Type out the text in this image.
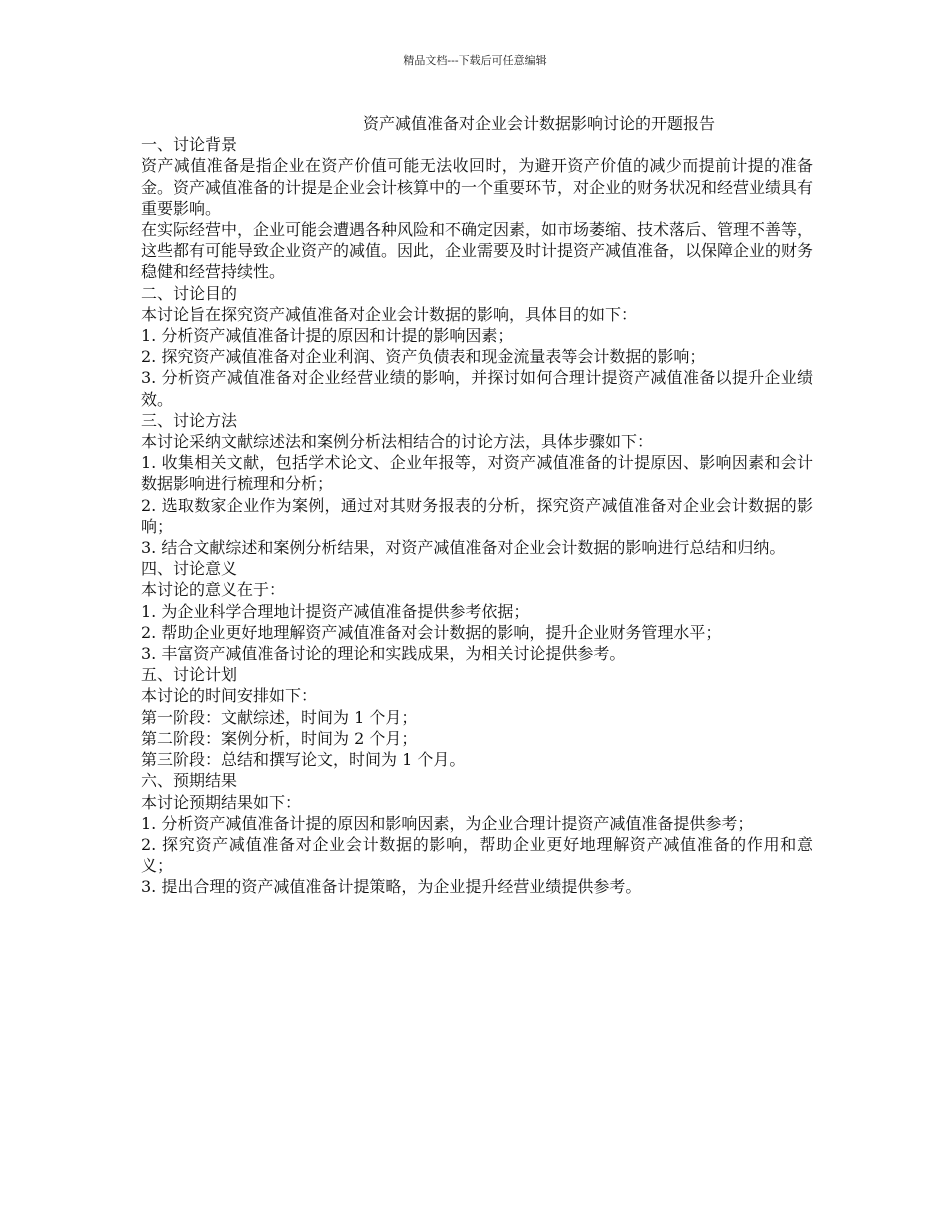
精品文档---下载后可任意编辑

资产减值准备对企业会计数据影响讨论的开题报告

一、讨论背景

资产减值准备是指企业在资产价值可能无法收回时，为避开资产价值的减少而提前计提的准备金。资产减值准备的计提是企业会计核算中的一个重要环节，对企业的财务状况和经营业绩具有重要影响。

在实际经营中，企业可能会遭遇各种风险和不确定因素，如市场萎缩、技术落后、管理不善等，这些都有可能导致企业资产的减值。因此，企业需要及时计提资产减值准备，以保障企业的财务稳健和经营持续性。

二、讨论目的

本讨论旨在探究资产减值准备对企业会计数据的影响，具体目的如下：

1. 分析资产减值准备计提的原因和计提的影响因素；

2. 探究资产减值准备对企业利润、资产负债表和现金流量表等会计数据的影响；

3. 分析资产减值准备对企业经营业绩的影响，并探讨如何合理计提资产减值准备以提升企业绩效。

三、讨论方法

本讨论采纳文献综述法和案例分析法相结合的讨论方法，具体步骤如下：

1. 收集相关文献，包括学术论文、企业年报等，对资产减值准备的计提原因、影响因素和会计数据影响进行梳理和分析；

2. 选取数家企业作为案例，通过对其财务报表的分析，探究资产减值准备对企业会计数据的影响；

3. 结合文献综述和案例分析结果，对资产减值准备对企业会计数据的影响进行总结和归纳。

四、讨论意义

本讨论的意义在于：

1. 为企业科学合理地计提资产减值准备提供参考依据；

2. 帮助企业更好地理解资产减值准备对会计数据的影响，提升企业财务管理水平；

3. 丰富资产减值准备讨论的理论和实践成果，为相关讨论提供参考。

五、讨论计划

本讨论的时间安排如下：

第一阶段：文献综述，时间为 1 个月；

第二阶段：案例分析，时间为 2 个月；

第三阶段：总结和撰写论文，时间为 1 个月。

六、预期结果

本讨论预期结果如下：

1. 分析资产减值准备计提的原因和影响因素，为企业合理计提资产减值准备提供参考；

2. 探究资产减值准备对企业会计数据的影响，帮助企业更好地理解资产减值准备的作用和意义；

3. 提出合理的资产减值准备计提策略，为企业提升经营业绩提供参考。
